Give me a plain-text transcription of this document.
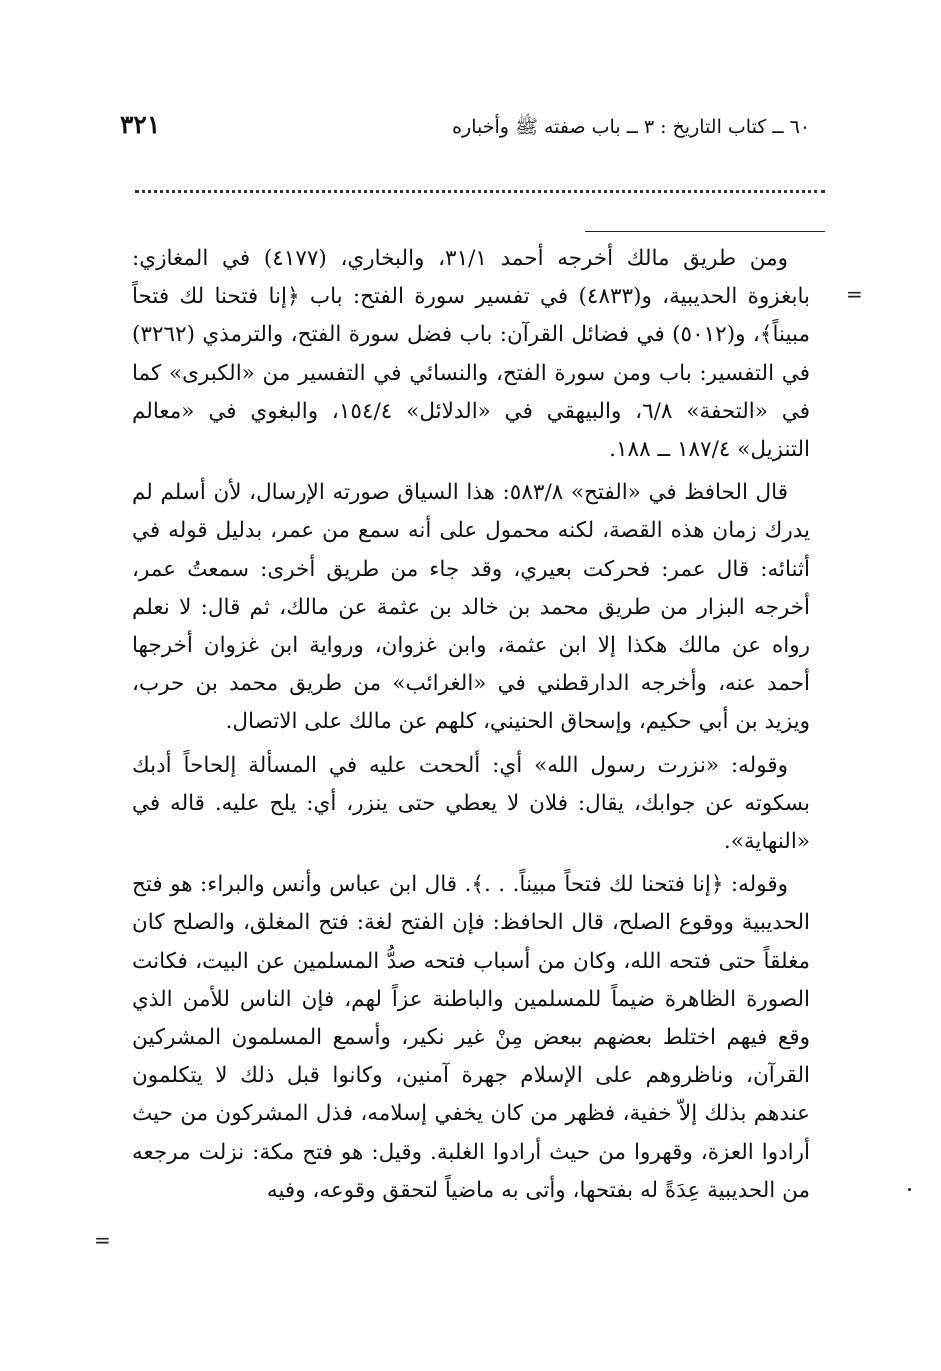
٦٠ ــ كتاب التاريخ : ٣ ــ باب صفته ﷺ وأخباره
٣٢١
=
=

ومن طريق مالك أخرجه أحمد ٣١/١، والبخاري، (٤١٧٧) في المغازي: بابغزوة الحديبية، و(٤٨٣٣) في تفسير سورة الفتح: باب ﴿إنا فتحنا لك فتحاً مبيناً﴾، و(٥٠١٢) في فضائل القرآن: باب فضل سورة الفتح، والترمذي (٣٢٦٢) في التفسير: باب ومن سورة الفتح، والنسائي في التفسير من «الكبرى» كما في «التحفة» ٦/٨، والبيهقي في «الدلائل» ١٥٤/٤، والبغوي في «معالم التنزيل» ١٨٧/٤ ــ ١٨٨.

قال الحافظ في «الفتح» ٥٨٣/٨: هذا السياق صورته الإرسال، لأن أسلم لم يدرك زمان هذه القصة، لكنه محمول على أنه سمع من عمر، بدليل قوله في أثنائه: قال عمر: فحركت بعيري، وقد جاء من طريق أخرى: سمعتُ عمر، أخرجه البزار من طريق محمد بن خالد بن عثمة عن مالك، ثم قال: لا نعلم رواه عن مالك هكذا إلا ابن عثمة، وابن غزوان، ورواية ابن غزوان أخرجها أحمد عنه، وأخرجه الدارقطني في «الغرائب» من طريق محمد بن حرب، ويزيد بن أبي حكيم، وإسحاق الحنيني، كلهم عن مالك على الاتصال.

وقوله: «نزرت رسول الله» أي: ألححت عليه في المسألة إلحاحاً أدبك بسكوته عن جوابك، يقال: فلان لا يعطي حتى ينزر، أي: يلح عليه. قاله في «النهاية».

وقوله: ﴿إنا فتحنا لك فتحاً مبيناً. . .﴾. قال ابن عباس وأنس والبراء: هو فتح الحديبية ووقوع الصلح، قال الحافظ: فإن الفتح لغة: فتح المغلق، والصلح كان مغلقاً حتى فتحه الله، وكان من أسباب فتحه صدُّ المسلمين عن البيت، فكانت الصورة الظاهرة ضيماً للمسلمين والباطنة عزاً لهم، فإن الناس للأمن الذي وقع فيهم اختلط بعضهم ببعض مِنْ غير نكير، وأسمع المسلمون المشركين القرآن، وناظروهم على الإسلام جهرة آمنين، وكانوا قبل ذلك لا يتكلمون عندهم بذلك إلاّ خفية، فظهر من كان يخفي إسلامه، فذل المشركون من حيث أرادوا العزة، وقهروا من حيث أرادوا الغلبة. وقيل: هو فتح مكة: نزلت مرجعه من الحديبية عِدَةً له بفتحها، وأتى به ماضياً لتحقق وقوعه، وفيه
